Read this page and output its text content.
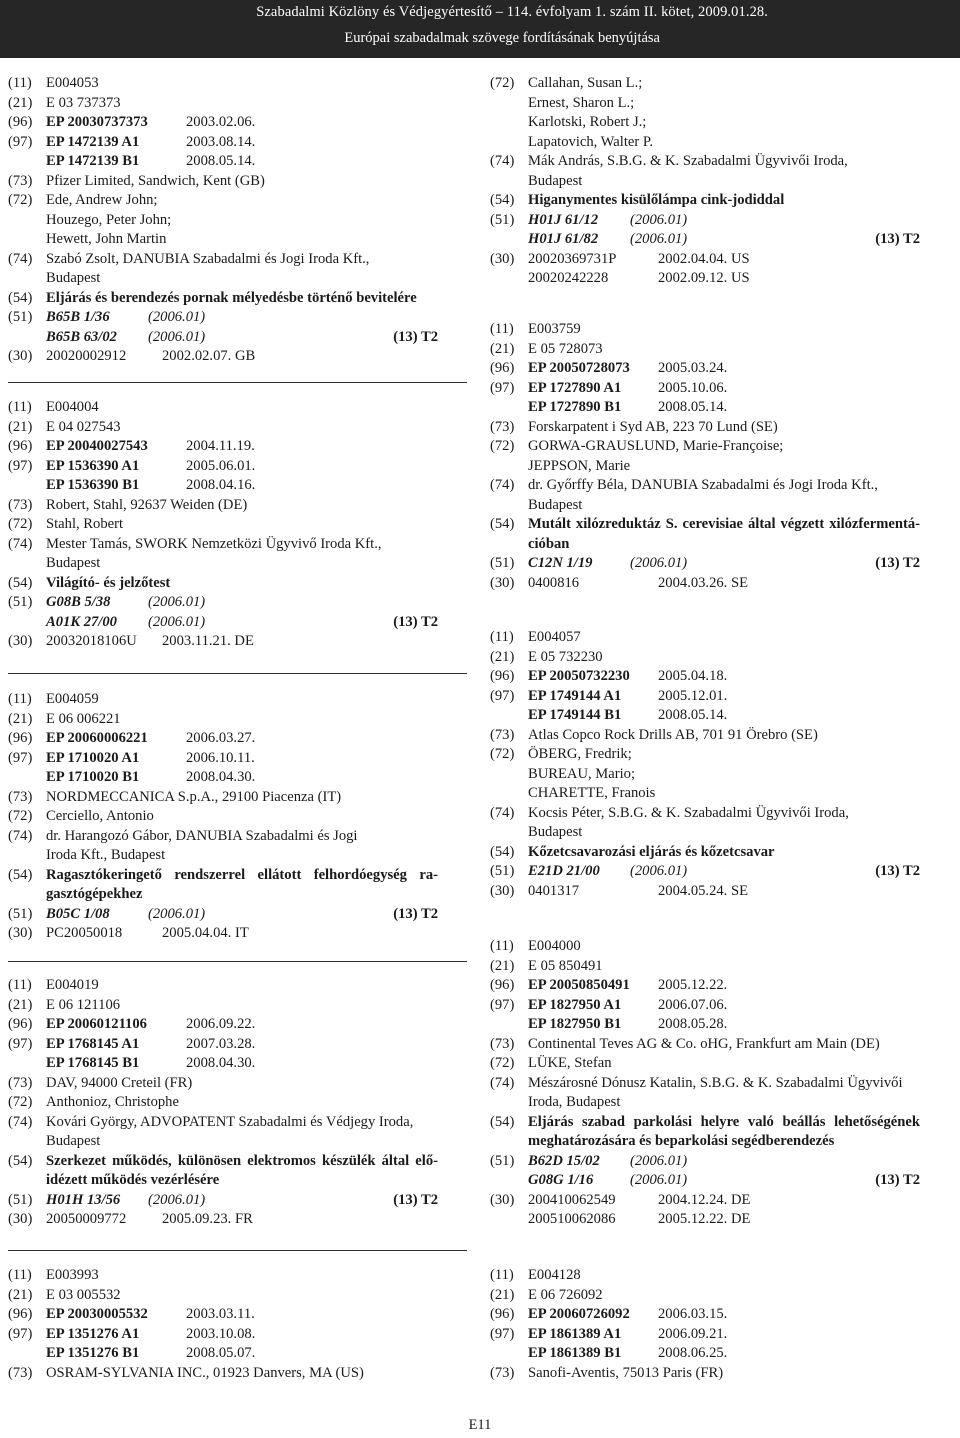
Szabadalmi Közlöny és Védjegyértesítő – 114. évfolyam 1. szám II. kötet, 2009.01.28.
Európai szabadalmak szövege fordításának benyújtása
(11) E004053
(21) E 03 737373
(96) EP 20030737373	2003.02.06.
(97) EP 1472139 A1	2003.08.14.
EP 1472139 B1	2008.05.14.
(73) Pfizer Limited, Sandwich, Kent (GB)
(72) Ede, Andrew John;
Houzego, Peter John;
Hewett, John Martin
(74) Szabó Zsolt, DANUBIA Szabadalmi és Jogi Iroda Kft.,
Budapest
(54) Eljárás és berendezés pornak mélyedésbe történő bevitelére
(51) B65B 1/36	(2006.01)
B65B 63/02 (2006.01)	(13) T2
(30) 20020002912 2002.02.07. GB
(11) E004004
(21) E 04 027543
(96) EP 20040027543	2004.11.19.
(97) EP 1536390 A1	2005.06.01.
EP 1536390 B1	2008.04.16.
(73) Robert, Stahl, 92637 Weiden (DE)
(72) Stahl, Robert
(74) Mester Tamás, SWORK Nemzetközi Ügyvivő Iroda Kft.,
Budapest
(54) Világító- és jelzőtest
(51) G08B 5/38	(2006.01)
A01K 27/00 (2006.01)	(13) T2
(30) 20032018106U 2003.11.21. DE
(11) E004059
(21) E 06 006221
(96) EP 20060006221	2006.03.27.
(97) EP 1710020 A1	2006.10.11.
EP 1710020 B1	2008.04.30.
(73) NORDMECCANICA S.p.A., 29100 Piacenza (IT)
(72) Cerciello, Antonio
(74) dr. Harangozó Gábor, DANUBIA Szabadalmi és Jogi
Iroda Kft., Budapest
(54) Ragasztókeringető rendszerrel ellátott felhordóegység ra-
gasztógépekhez
(51) B05C 1/08	(2006.01)	(13) T2
(30) PC20050018	2005.04.04. IT
(11) E004019
(21) E 06 121106
(96) EP 20060121106	2006.09.22.
(97) EP 1768145 A1	2007.03.28.
EP 1768145 B1	2008.04.30.
(73) DAV, 94000 Creteil (FR)
(72) Anthonioz, Christophe
(74) Kovári György, ADVOPATENT Szabadalmi és Védjegy Iroda,
Budapest
(54) Szerkezet működés, különösen elektromos készülék által elő-
idézett működés vezérlésére
(51) H01H 13/56 (2006.01)	(13) T2
(30) 20050009772 2005.09.23. FR
(11) E003993
(21) E 03 005532
(96) EP 20030005532	2003.03.11.
(97) EP 1351276 A1	2003.10.08.
EP 1351276 B1	2008.05.07.
(73) OSRAM-SYLVANIA INC., 01923 Danvers, MA (US)
(72) Callahan, Susan L.;
Ernest, Sharon L.;
Karlotski, Robert J.;
Lapatovich, Walter P.
(74) Mák András, S.B.G. & K. Szabadalmi Ügyvivői Iroda,
Budapest
(54) Higanymentes kisülőlámpa cink-jodiddal
(51) H01J 61/12 (2006.01)
H01J 61/82 (2006.01)	(13) T2
(30) 20020369731P	2002.04.04. US
20020242228	2002.09.12. US
(11) E003759
(21) E 05 728073
(96) EP 20050728073 2005.03.24.
(97) EP 1727890 A1	2005.10.06.
EP 1727890 B1	2008.05.14.
(73) Forskarpatent i Syd AB, 223 70 Lund (SE)
(72) GORWA-GRAUSLUND, Marie-Françoise;
JEPPSON, Marie
(74) dr. Győrffy Béla, DANUBIA Szabadalmi és Jogi Iroda Kft.,
Budapest
(54) Mutált xilózreduktáz S. cerevisiae által végzett xilózfermentá-
cióban
(51) C12N 1/19	(2006.01)	(13) T2
(30) 0400816	2004.03.26. SE
(11) E004057
(21) E 05 732230
(96) EP 20050732230 2005.04.18.
(97) EP 1749144 A1	2005.12.01.
EP 1749144 B1	2008.05.14.
(73) Atlas Copco Rock Drills AB, 701 91 Örebro (SE)
(72) ÖBERG, Fredrik;
BUREAU, Mario;
CHARETTE, Franois
(74) Kocsis Péter, S.B.G. & K. Szabadalmi Ügyvivői Iroda,
Budapest
(54) Kőzetcsavarozási eljárás és kőzetcsavar
(51) E21D 21/00 (2006.01)	(13) T2
(30) 0401317	2004.05.24. SE
(11) E004000
(21) E 05 850491
(96) EP 20050850491 2005.12.22.
(97) EP 1827950 A1	2006.07.06.
EP 1827950 B1	2008.05.28.
(73) Continental Teves AG & Co. oHG, Frankfurt am Main (DE)
(72) LÜKE, Stefan
(74) Mészárosné Dónusz Katalin, S.B.G. & K. Szabadalmi Ügyvivői
Iroda, Budapest
(54) Eljárás szabad parkolási helyre való beállás lehetőségének
meghatározására és beparkolási segédberendezés
(51) B62D 15/02 (2006.01)
G08G 1/16	(2006.01)	(13) T2
(30) 200410062549	2004.12.24. DE
200510062086	2005.12.22. DE
(11) E004128
(21) E 06 726092
(96) EP 20060726092 2006.03.15.
(97) EP 1861389 A1	2006.09.21.
EP 1861389 B1	2008.06.25.
(73) Sanofi-Aventis, 75013 Paris (FR)
E11
